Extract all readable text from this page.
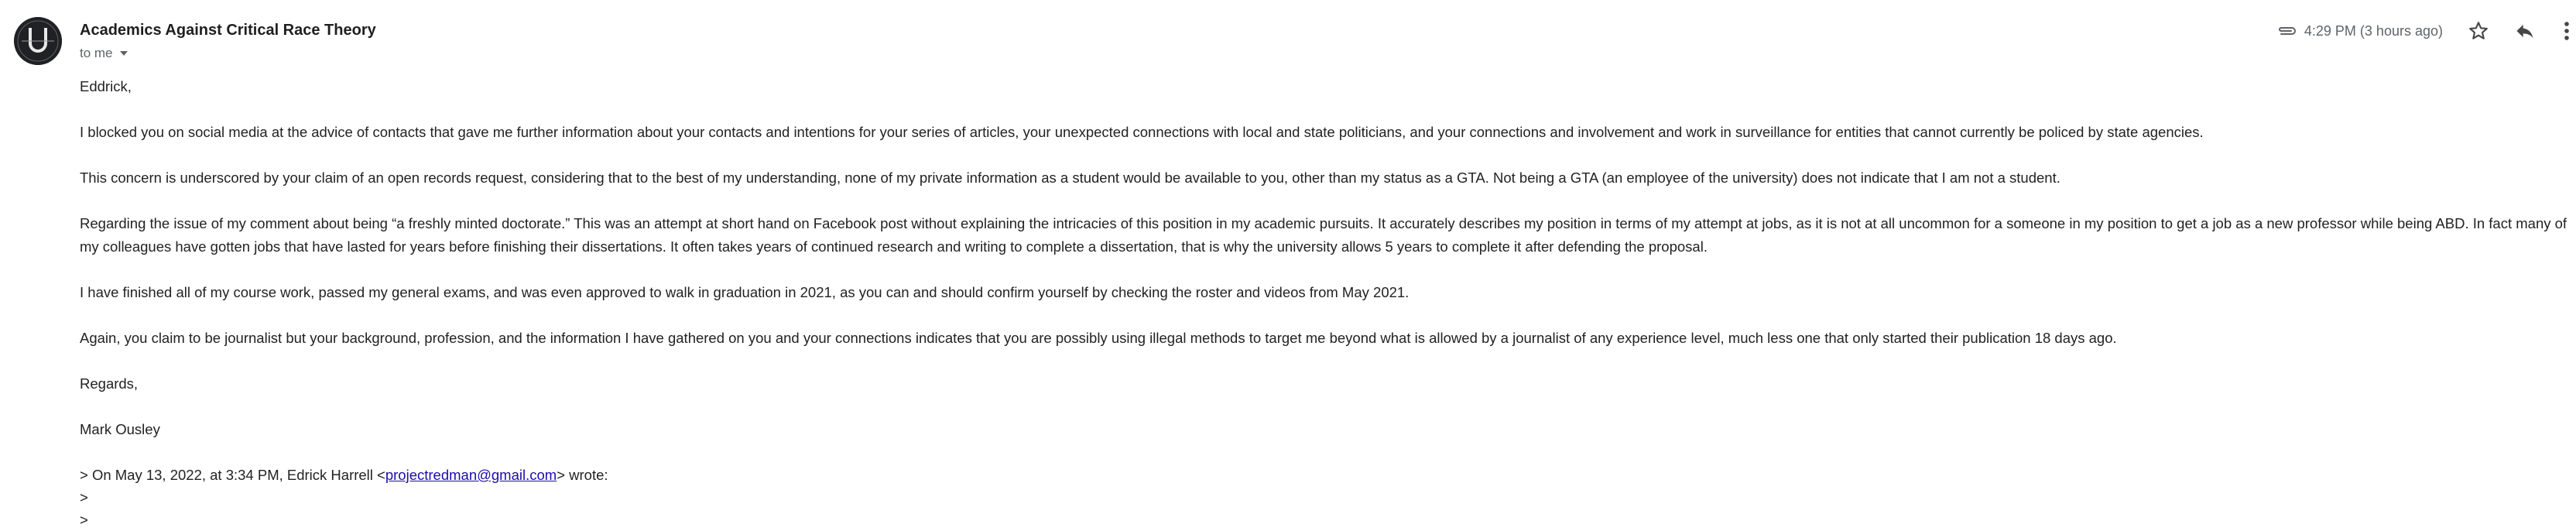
Academics Against Critical Race Theory
to me
4:29 PM (3 hours ago)

Eddrick,

I blocked you on social media at the advice of contacts that gave me further information about your contacts and intentions for your series of articles, your unexpected connections with local and state politicians, and your connections and involvement and work in surveillance for entities that cannot currently be policed by state agencies.

This concern is underscored by your claim of an open records request, considering that to the best of my understanding, none of my private information as a student would be available to you, other than my status as a GTA. Not being a GTA (an employee of the university) does not indicate that I am not a student.

Regarding the issue of my comment about being “a freshly minted doctorate.” This was an attempt at short hand on Facebook post without explaining the intricacies of this position in my academic pursuits. It accurately describes my position in terms of my attempt at jobs, as it is not at all uncommon for a someone in my position to get a job as a new professor while being ABD. In fact many of my colleagues have gotten jobs that have lasted for years before finishing their dissertations. It often takes years of continued research and writing to complete a dissertation, that is why the university allows 5 years to complete it after defending the proposal.

I have finished all of my course work, passed my general exams, and was even approved to walk in graduation in 2021, as you can and should confirm yourself by checking the roster and videos from May 2021.

Again, you claim to be journalist but your background, profession, and the information I have gathered on you and your connections indicates that you are possibly using illegal methods to target me beyond what is allowed by a journalist of any experience level, much less one that only started their publication 18 days ago.

Regards,

Mark Ousley

> On May 13, 2022, at 3:34 PM, Edrick Harrell <projectredman@gmail.com> wrote:
>
>
